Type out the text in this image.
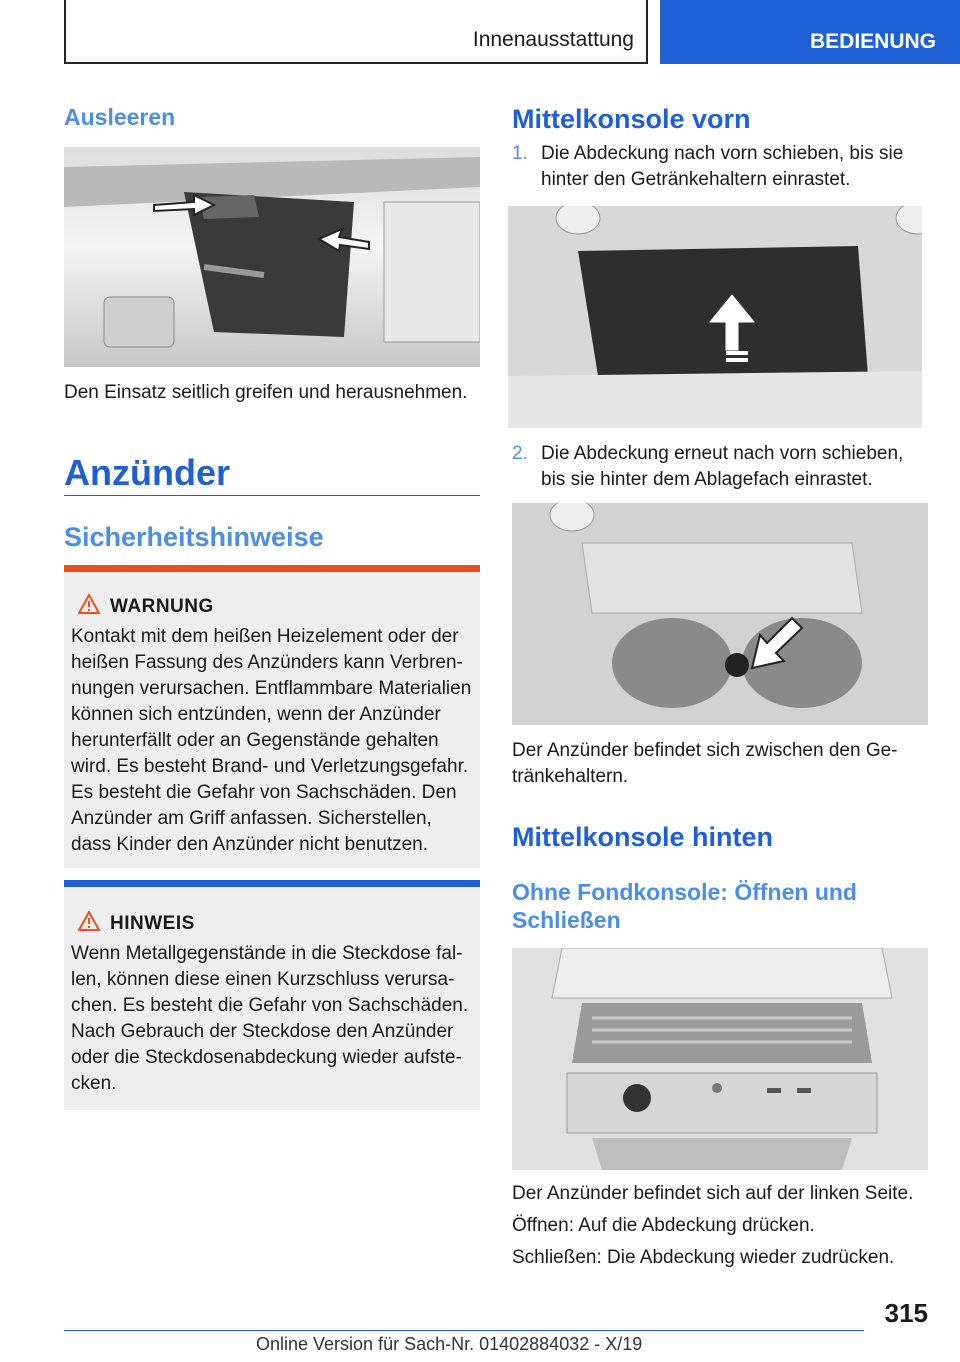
Innenausstattung	BEDIENUNG
Ausleeren
Den Einsatz seitlich greifen und herausnehmen.
Anzünder
Sicherheitshinweise
WARNUNG
Kontakt mit dem heißen Heizelement oder der heißen Fassung des Anzünders kann Verbren-nungen verursachen. Entflammbare Materialien können sich entzünden, wenn der Anzünder herunterfällt oder an Gegenstände gehalten wird. Es besteht Brand- und Verletzungsgefahr. Es besteht die Gefahr von Sachschäden. Den Anzünder am Griff anfassen. Sicherstellen, dass Kinder den Anzünder nicht benutzen.
HINWEIS
Wenn Metallgegenstände in die Steckdose fal-len, können diese einen Kurzschluss verursa-chen. Es besteht die Gefahr von Sachschäden. Nach Gebrauch der Steckdose den Anzünder oder die Steckdosenabdeckung wieder aufste-cken.
Mittelkonsole vorn
1. Die Abdeckung nach vorn schieben, bis sie hinter den Getränkehaltern einrastet.
2. Die Abdeckung erneut nach vorn schieben, bis sie hinter dem Ablagefach einrastet.
Der Anzünder befindet sich zwischen den Ge-tränkehaltern.
Mittelkonsole hinten
Ohne Fondkonsole: Öffnen und Schließen
Der Anzünder befindet sich auf der linken Seite.
Öffnen: Auf die Abdeckung drücken.
Schließen: Die Abdeckung wieder zudrücken.
315
Online Version für Sach-Nr. 01402884032 - X/19
